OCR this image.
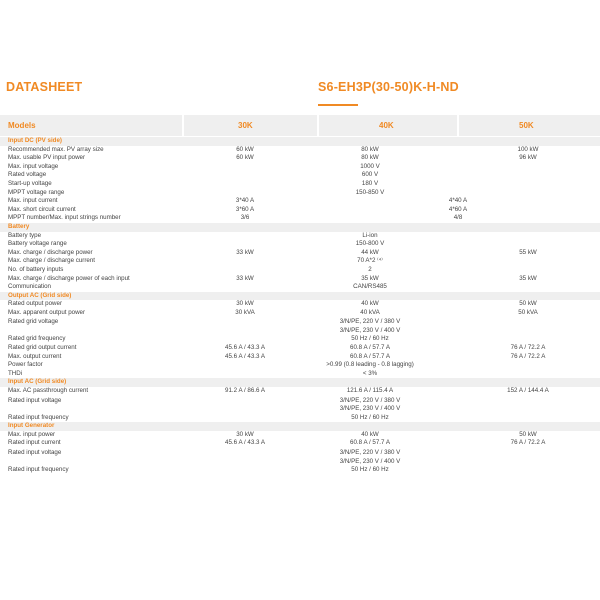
DATASHEET	S6-EH3P(30-50)K-H-ND
Models	30K	40K	50K
Input DC (PV side)
Recommended max. PV array size	60 kW	80 kW	100 kW
Max. usable PV input power	60 kW	80 kW	96 kW
Max. input voltage	1000 V
Rated voltage	600 V
Start-up voltage	180 V
MPPT voltage range	150-850 V
Max. input current	3*40 A	4*40 A
Max. short circuit current	3*60 A	4*60 A
MPPT number/Max. input strings number	3/6	4/8
Battery
Battery type	Li-ion
Battery voltage range	150-800 V
Max. charge / discharge power	33 kW	44 kW	55 kW
Max. charge / discharge current	70 A*2 ⁽⁴⁾
No. of battery inputs	2
Max. charge / discharge power of each input	33 kW	35 kW	35 kW
Communication	CAN/RS485
Output AC (Grid side)
Rated output power	30 kW	40 kW	50 kW
Max. apparent output power	30 kVA	40 kVA	50 kVA
Rated grid voltage	3/N/PE, 220 V / 380 V
3/N/PE, 230 V / 400 V
Rated grid frequency	50 Hz / 60 Hz
Rated grid output current	45.6 A / 43.3 A	60.8 A / 57.7 A	76 A / 72.2 A
Max. output current	45.6 A / 43.3 A	60.8 A / 57.7 A	76 A / 72.2 A
Power factor	>0.99 (0.8 leading - 0.8 lagging)
THDi	< 3%
Input AC (Grid side)
Max. AC passthrough current	91.2 A / 86.6 A	121.6 A / 115.4 A	152 A / 144.4 A
Rated input voltage	3/N/PE, 220 V / 380 V
3/N/PE, 230 V / 400 V
Rated input frequency	50 Hz / 60 Hz
Input Generator
Max. input power	30 kW	40 kW	50 kW
Rated input current	45.6 A / 43.3 A	60.8 A / 57.7 A	76 A / 72.2 A
Rated input voltage	3/N/PE, 220 V / 380 V
3/N/PE, 230 V / 400 V
Rated input frequency	50 Hz / 60 Hz
